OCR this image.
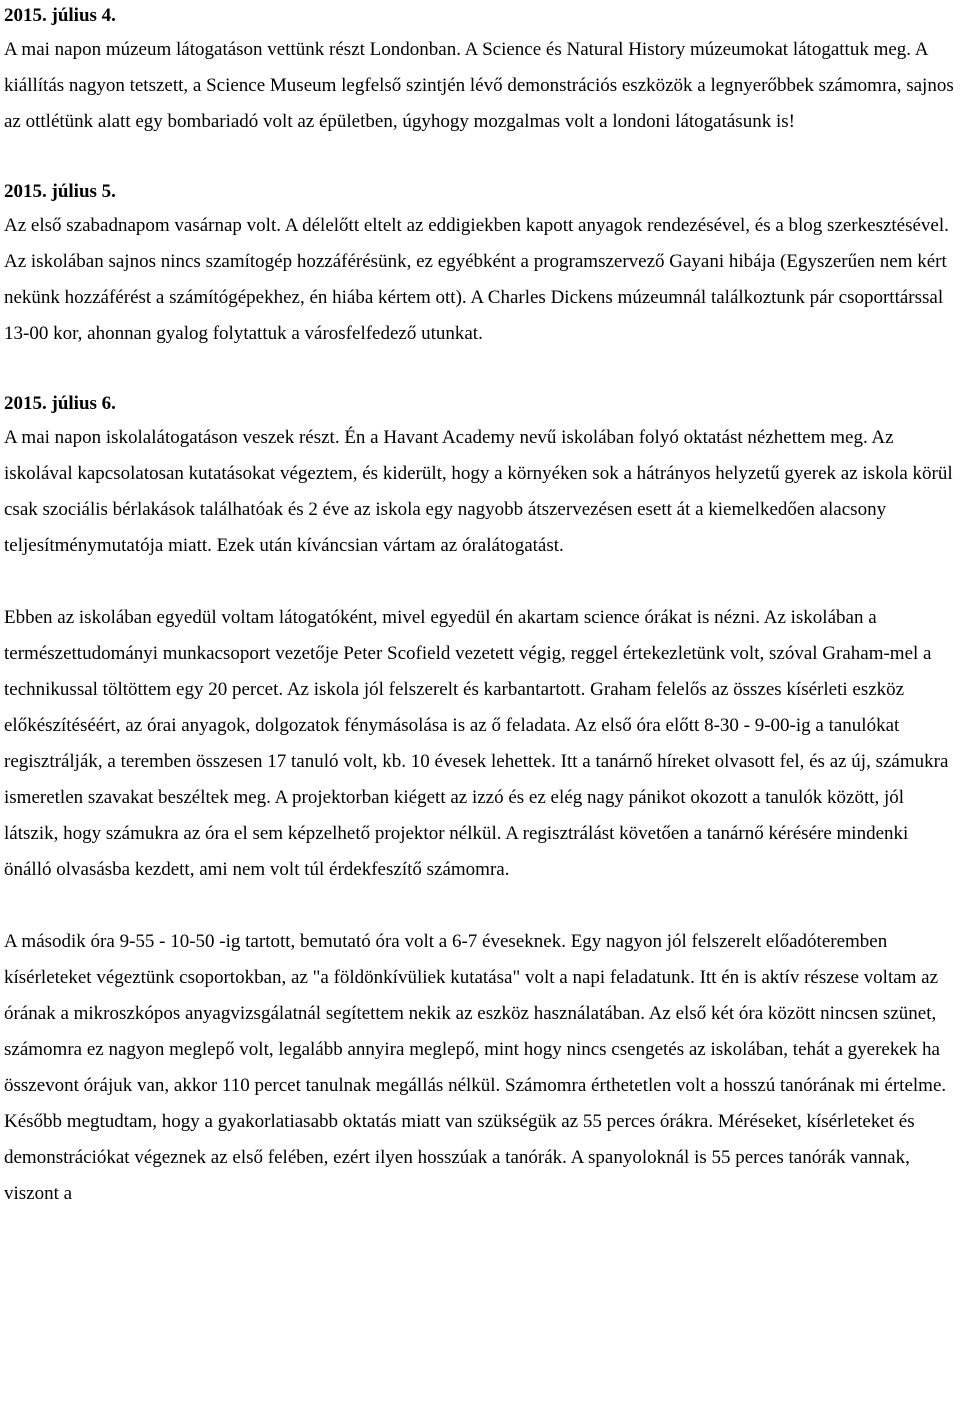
2015. július 4.

A mai napon múzeum látogatáson vettünk részt Londonban. A Science és Natural History múzeumokat látogattuk meg. A kiállítás nagyon tetszett, a Science Museum legfelső szintjén lévő demonstrációs eszközök a legnyerőbbek számomra, sajnos az ottlétünk alatt egy bombariadó volt az épületben, úgyhogy mozgalmas volt a londoni látogatásunk is!

2015. július 5.

Az első szabadnapom vasárnap volt. A délelőtt eltelt az eddigiekben kapott anyagok rendezésével, és a blog szerkesztésével. Az iskolában sajnos nincs szamítogép hozzáférésünk, ez egyébként a programszervező Gayani hibája (Egyszerűen nem kért nekünk hozzáférést a számítógépekhez, én hiába kértem ott). A Charles Dickens múzeumnál találkoztunk pár csoporttárssal 13-00 kor, ahonnan gyalog folytattuk a városfelfedező utunkat.

2015. július 6.

A mai napon iskolalátogatáson veszek részt. Én a Havant Academy nevű iskolában folyó oktatást nézhettem meg. Az iskolával kapcsolatosan kutatásokat végeztem, és kiderült, hogy a környéken sok a hátrányos helyzetű gyerek az iskola körül csak szociális bérlakások találhatóak és 2 éve az iskola egy nagyobb átszervezésen esett át a kiemelkedően alacsony teljesítménymutatója miatt. Ezek után kíváncsian vártam az óralátogatást.

Ebben az iskolában egyedül voltam látogatóként, mivel egyedül én akartam science órákat is nézni. Az iskolában a természettudományi munkacsoport vezetője Peter Scofield vezetett végig, reggel értekezletünk volt, szóval Graham-mel a technikussal töltöttem egy 20 percet. Az iskola jól felszerelt és karbantartott. Graham felelős az összes kísérleti eszköz előkészítéséért, az órai anyagok, dolgozatok fénymásolása is az ő feladata. Az első óra előtt 8-30 - 9-00-ig a tanulókat regisztrálják, a teremben összesen 17 tanuló volt, kb. 10 évesek lehettek. Itt a tanárnő híreket olvasott fel, és az új, számukra ismeretlen szavakat beszéltek meg. A projektorban kiégett az izzó és ez elég nagy pánikot okozott a tanulók között, jól látszik, hogy számukra az óra el sem képzelhető projektor nélkül. A regisztrálást követően a tanárnő kérésére mindenki önálló olvasásba kezdett, ami nem volt túl érdekfeszítő számomra.

A második óra 9-55 - 10-50 -ig tartott, bemutató óra volt a 6-7 éveseknek. Egy nagyon jól felszerelt előadóteremben kísérleteket végeztünk csoportokban, az "a földönkívüliek kutatása" volt a napi feladatunk. Itt én is aktív részese voltam az órának a mikroszkópos anyagvizsgálatnál segítettem nekik az eszköz használatában. Az első két óra között nincsen szünet, számomra ez nagyon meglepő volt, legalább annyira meglepő, mint hogy nincs csengetés az iskolában, tehát a gyerekek ha összevont órájuk van, akkor 110 percet tanulnak megállás nélkül. Számomra érthetetlen volt a hosszú tanórának mi értelme. Később megtudtam, hogy a gyakorlatiasabb oktatás miatt van szükségük az 55 perces órákra. Méréseket, kísérleteket és demonstrációkat végeznek az első felében, ezért ilyen hosszúak a tanórák. A spanyoloknál is 55 perces tanórák vannak, viszont a
